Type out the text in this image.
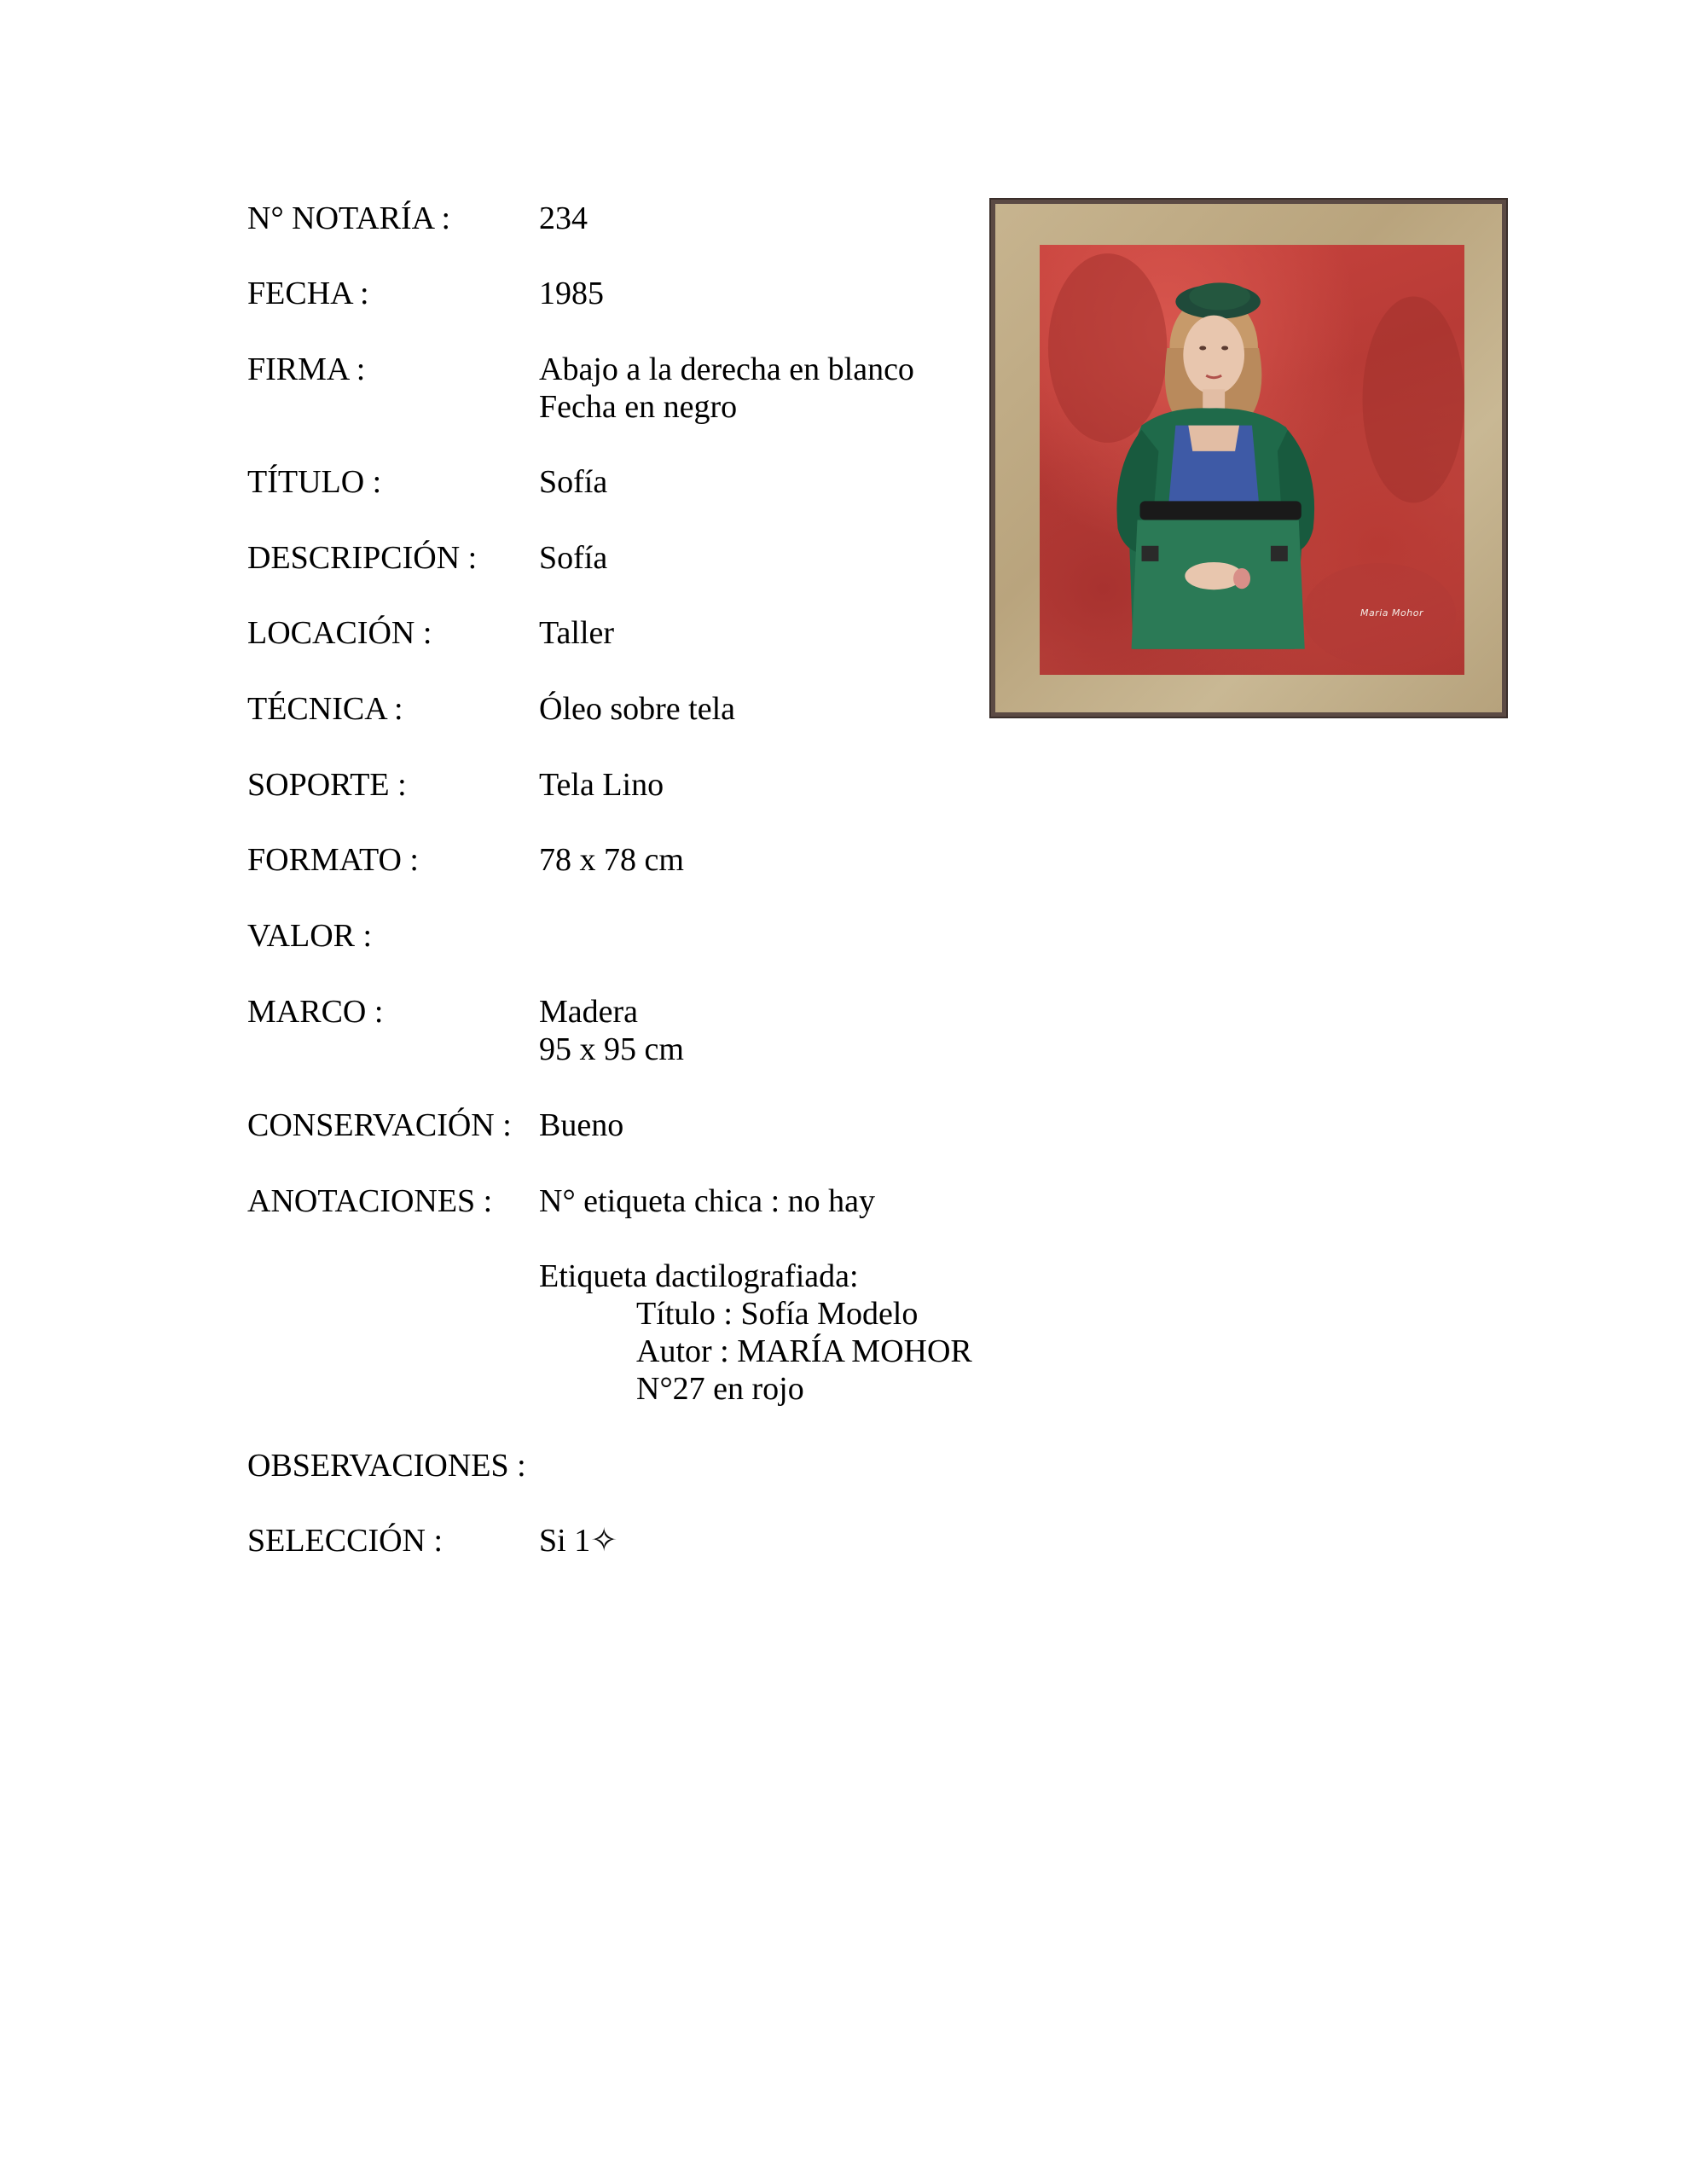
N° NOTARÍA :	234
FECHA :	1985
FIRMA :	Abajo a la derecha en blanco
Fecha en negro
TÍTULO :	Sofía
DESCRIPCIÓN : Sofía
LOCACIÓN :	Taller
TÉCNICA :	Óleo sobre tela
SOPORTE :	Tela Lino
FORMATO :	78 x 78 cm
VALOR :
MARCO :	Madera
95 x 95 cm
CONSERVACIÓN : Bueno
ANOTACIONES : N° etiqueta chica : no hay
Etiqueta dactilografiada:
Título : Sofía Modelo
Autor : MARÍA MOHOR
N°27 en rojo
OBSERVACIONES :
SELECCIÓN :	Si 1✧
Maria Mohor
